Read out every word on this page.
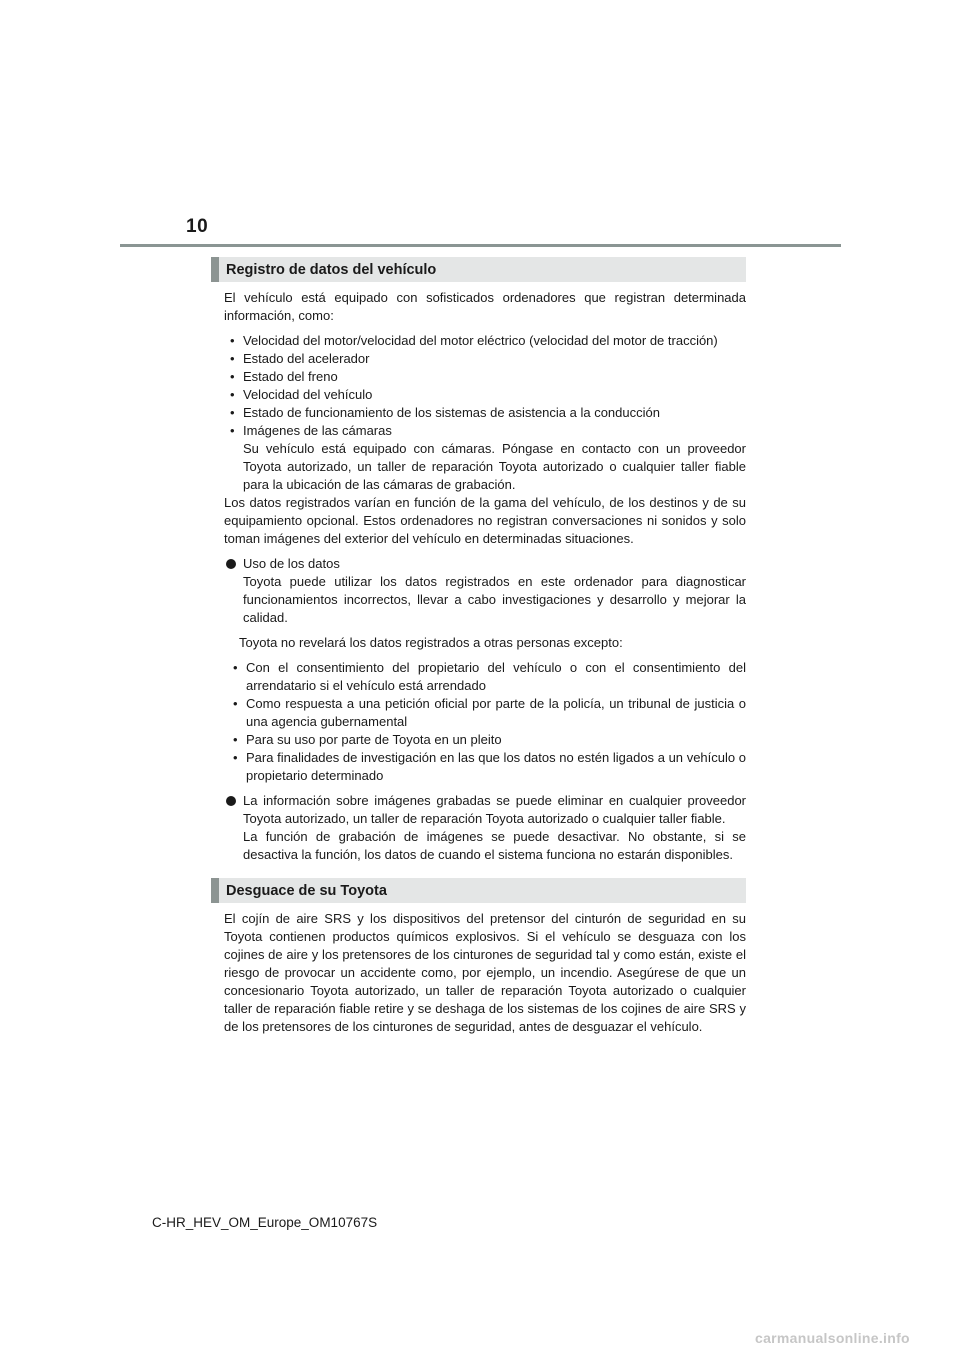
10
Registro de datos del vehículo

El vehículo está equipado con sofisticados ordenadores que registran determinada información, como:

• Velocidad del motor/velocidad del motor eléctrico (velocidad del motor de tracción)
• Estado del acelerador
• Estado del freno
• Velocidad del vehículo
• Estado de funcionamiento de los sistemas de asistencia a la conducción
• Imágenes de las cámaras
Su vehículo está equipado con cámaras. Póngase en contacto con un proveedor Toyota autorizado, un taller de reparación Toyota autorizado o cualquier taller fiable para la ubicación de las cámaras de grabación.

Los datos registrados varían en función de la gama del vehículo, de los destinos y de su equipamiento opcional. Estos ordenadores no registran conversaciones ni sonidos y solo toman imágenes del exterior del vehículo en determinadas situaciones.

Uso de los datos
Toyota puede utilizar los datos registrados en este ordenador para diagnosticar funcionamientos incorrectos, llevar a cabo investigaciones y desarrollo y mejorar la calidad.
Toyota no revelará los datos registrados a otras personas excepto:
• Con el consentimiento del propietario del vehículo o con el consentimiento del arrendatario si el vehículo está arrendado
• Como respuesta a una petición oficial por parte de la policía, un tribunal de justicia o una agencia gubernamental
• Para su uso por parte de Toyota en un pleito
• Para finalidades de investigación en las que los datos no estén ligados a un vehículo o propietario determinado
La información sobre imágenes grabadas se puede eliminar en cualquier proveedor Toyota autorizado, un taller de reparación Toyota autorizado o cualquier taller fiable.
La función de grabación de imágenes se puede desactivar. No obstante, si se desactiva la función, los datos de cuando el sistema funciona no estarán disponibles.
Desguace de su Toyota

El cojín de aire SRS y los dispositivos del pretensor del cinturón de seguridad en su Toyota contienen productos químicos explosivos. Si el vehículo se desguaza con los cojines de aire y los pretensores de los cinturones de seguridad tal y como están, existe el riesgo de provocar un accidente como, por ejemplo, un incendio. Asegúrese de que un concesionario Toyota autorizado, un taller de reparación Toyota autorizado o cualquier taller de reparación fiable retire y se deshaga de los sistemas de los cojines de aire SRS y de los pretensores de los cinturones de seguridad, antes de desguazar el vehículo.

C-HR_HEV_OM_Europe_OM10767S
carmanualsonline.info
